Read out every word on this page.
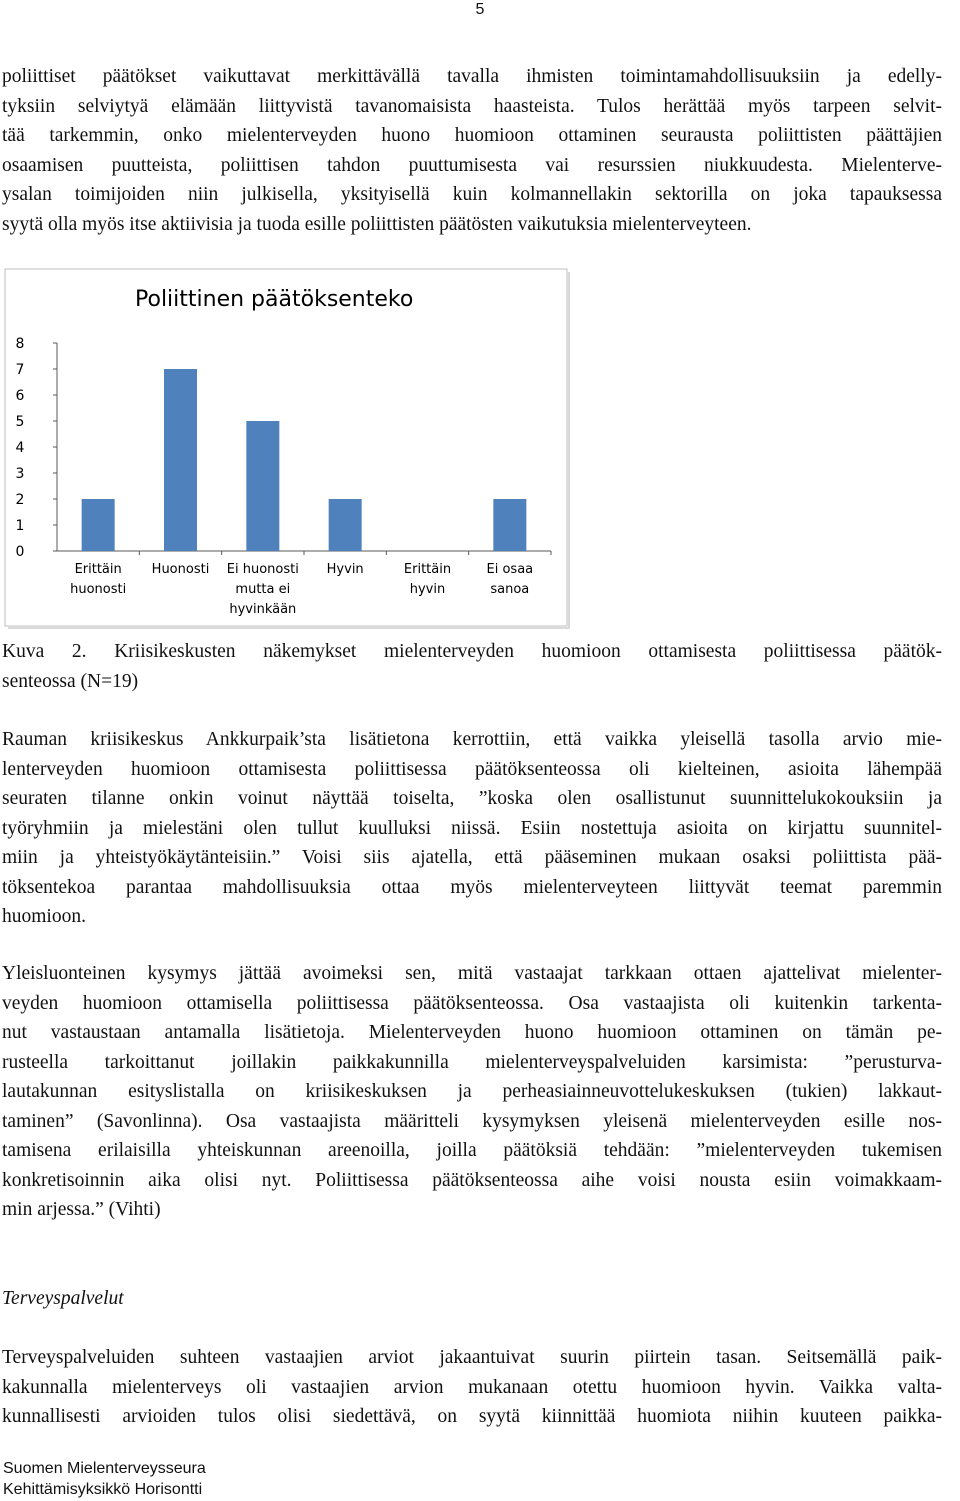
5

poliittiset päätökset vaikuttavat merkittävällä tavalla ihmisten toimintamahdollisuuksiin ja edelly-
tyksiin selviytyä elämään liittyvistä tavanomaisista haasteista. Tulos herättää myös tarpeen selvit-
tää tarkemmin, onko mielenterveyden huono huomioon ottaminen seurausta poliittisten päättäjien
osaamisen puutteista, poliittisen tahdon puuttumisesta vai resurssien niukkuudesta. Mielenterve-
ysalan toimijoiden niin julkisella, yksityisellä kuin kolmannellakin sektorilla on joka tapauksessa
syytä olla myös itse aktiivisia ja tuoda esille poliittisten päätösten vaikutuksia mielenterveyteen.

0
1
2
3
4
5
6
7
8
Erittäin
huonosti
Huonosti Ei huonosti
mutta ei
hyvinkään
Hyvin	Erittäin
hyvin
Ei osaa
sanoa
Poliittinen päätöksenteko

Kuva 2. Kriisikeskusten näkemykset mielenterveyden huomioon ottamisesta poliittisessa päätök-
senteossa (N=19)

Rauman kriisikeskus Ankkurpaik’sta lisätietona kerrottiin, että vaikka yleisellä tasolla arvio mie-
lenterveyden huomioon ottamisesta poliittisessa päätöksenteossa oli kielteinen, asioita lähempää
seuraten tilanne onkin voinut näyttää toiselta, ”koska olen osallistunut suunnittelukokouksiin ja
työryhmiin ja mielestäni olen tullut kuulluksi niissä. Esiin nostettuja asioita on kirjattu suunnitel-
miin ja yhteistyökäytänteisiin.” Voisi siis ajatella, että pääseminen mukaan osaksi poliittista pää-
töksentekoa parantaa mahdollisuuksia ottaa myös mielenterveyteen liittyvät teemat paremmin
huomioon.

Yleisluonteinen kysymys jättää avoimeksi sen, mitä vastaajat tarkkaan ottaen ajattelivat mielenter-
veyden huomioon ottamisella poliittisessa päätöksenteossa. Osa vastaajista oli kuitenkin tarkenta-
nut vastaustaan antamalla lisätietoja. Mielenterveyden huono huomioon ottaminen on tämän pe-
rusteella tarkoittanut joillakin paikkakunnilla mielenterveyspalveluiden karsimista: ”perusturva-
lautakunnan esityslistalla on kriisikeskuksen ja perheasiainneuvottelukeskuksen (tukien) lakkaut-
taminen” (Savonlinna). Osa vastaajista määritteli kysymyksen yleisenä mielenterveyden esille nos-
tamisena erilaisilla yhteiskunnan areenoilla, joilla päätöksiä tehdään: ”mielenterveyden tukemisen
konkretisoinnin aika olisi nyt. Poliittisessa päätöksenteossa aihe voisi nousta esiin voimakkaam-
min arjessa.” (Vihti)

Terveyspalvelut

Terveyspalveluiden suhteen vastaajien arviot jakaantuivat suurin piirtein tasan. Seitsemällä paik-
kakunnalla mielenterveys oli vastaajien arvion mukanaan otettu huomioon hyvin. Vaikka valta-
kunnallisesti arvioiden tulos olisi siedettävä, on syytä kiinnittää huomiota niihin kuuteen paikka-

Suomen Mielenterveysseura
Kehittämisyksikkö Horisontti
